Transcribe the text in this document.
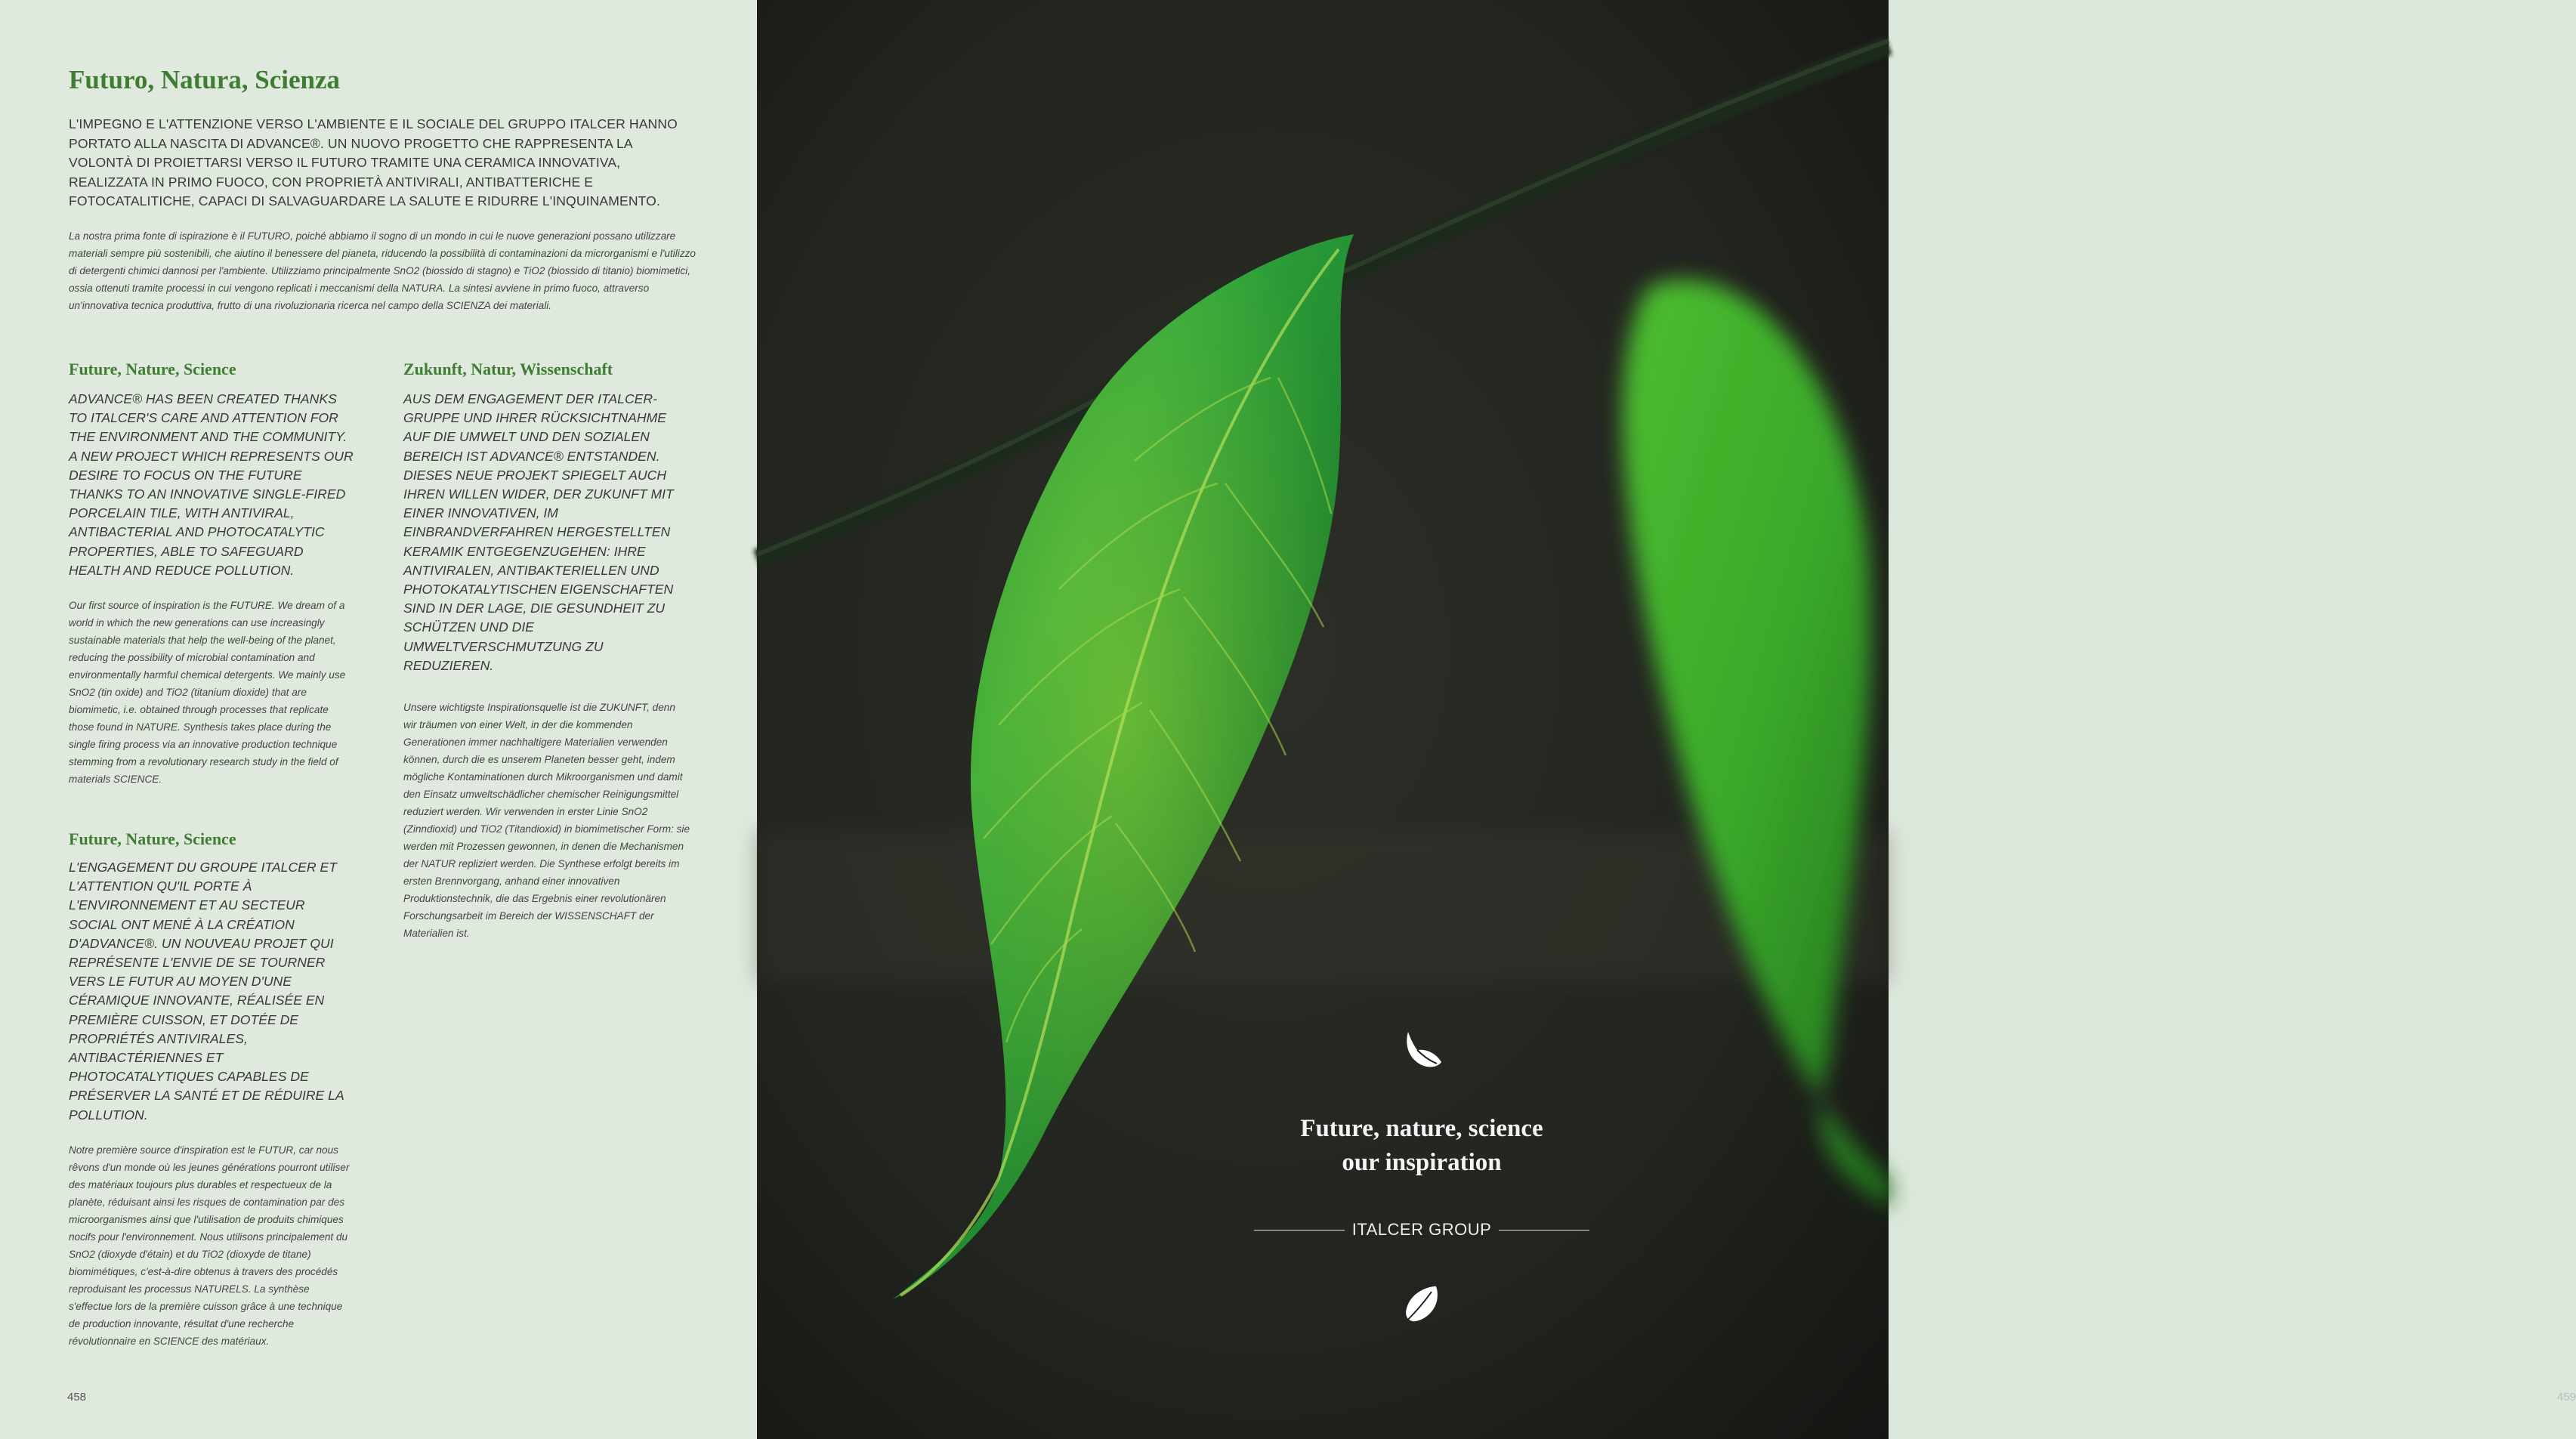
Futuro, Natura, Scienza

L'IMPEGNO E L'ATTENZIONE VERSO L'AMBIENTE E IL SOCIALE DEL GRUPPO ITALCER HANNO PORTATO ALLA NASCITA DI ADVANCE®. UN NUOVO PROGETTO CHE RAPPRESENTA LA VOLONTÀ DI PROIETTARSI VERSO IL FUTURO TRAMITE UNA CERAMICA INNOVATIVA, REALIZZATA IN PRIMO FUOCO, CON PROPRIETÀ ANTIVIRALI, ANTIBATTERICHE E FOTOCATALITICHE, CAPACI DI SALVAGUARDARE LA SALUTE E RIDURRE L'INQUINAMENTO.

La nostra prima fonte di ispirazione è il FUTURO, poiché abbiamo il sogno di un mondo in cui le nuove generazioni possano utilizzare materiali sempre più sostenibili, che aiutino il benessere del pianeta, riducendo la possibilità di contaminazioni da microrganismi e l'utilizzo di detergenti chimici dannosi per l'ambiente. Utilizziamo principalmente SnO2 (biossido di stagno) e TiO2 (biossido di titanio) biomimetici, ossia ottenuti tramite processi in cui vengono replicati i meccanismi della NATURA. La sintesi avviene in primo fuoco, attraverso un'innovativa tecnica produttiva, frutto di una rivoluzionaria ricerca nel campo della SCIENZA dei materiali.

Future, Nature, Science

ADVANCE® HAS BEEN CREATED THANKS TO ITALCER'S CARE AND ATTENTION FOR THE ENVIRONMENT AND THE COMMUNITY. A NEW PROJECT WHICH REPRESENTS OUR DESIRE TO FOCUS ON THE FUTURE THANKS TO AN INNOVATIVE SINGLE-FIRED PORCELAIN TILE, WITH ANTIVIRAL, ANTIBACTERIAL AND PHOTOCATALYTIC PROPERTIES, ABLE TO SAFEGUARD HEALTH AND REDUCE POLLUTION.

Our first source of inspiration is the FUTURE. We dream of a world in which the new generations can use increasingly sustainable materials that help the well-being of the planet, reducing the possibility of microbial contamination and environmentally harmful chemical detergents. We mainly use SnO2 (tin oxide) and TiO2 (titanium dioxide) that are biomimetic, i.e. obtained through processes that replicate those found in NATURE. Synthesis takes place during the single firing process via an innovative production technique stemming from a revolutionary research study in the field of materials SCIENCE.

Future, Nature, Science

L'ENGAGEMENT DU GROUPE ITALCER ET L'ATTENTION QU'IL PORTE À L'ENVIRONNEMENT ET AU SECTEUR SOCIAL ONT MENÉ À LA CRÉATION D'ADVANCE®. UN NOUVEAU PROJET QUI REPRÉSENTE L'ENVIE DE SE TOURNER VERS LE FUTUR AU MOYEN D'UNE CÉRAMIQUE INNOVANTE, RÉALISÉE EN PREMIÈRE CUISSON, ET DOTÉE DE PROPRIÉTÉS ANTIVIRALES, ANTIBACTÉRIENNES ET PHOTOCATALYTIQUES CAPABLES DE PRÉSERVER LA SANTÉ ET DE RÉDUIRE LA POLLUTION.

Notre première source d'inspiration est le FUTUR, car nous rêvons d'un monde où les jeunes générations pourront utiliser des matériaux toujours plus durables et respectueux de la planète, réduisant ainsi les risques de contamination par des microorganismes ainsi que l'utilisation de produits chimiques nocifs pour l'environnement. Nous utilisons principalement du SnO2 (dioxyde d'étain) et du TiO2 (dioxyde de titane) biomimétiques, c'est-à-dire obtenus à travers des procédés reproduisant les processus NATURELS. La synthèse s'effectue lors de la première cuisson grâce à une technique de production innovante, résultat d'une recherche révolutionnaire en SCIENCE des matériaux.

Zukunft, Natur, Wissenschaft

AUS DEM ENGAGEMENT DER ITALCER-GRUPPE UND IHRER RÜCKSICHTNAHME AUF DIE UMWELT UND DEN SOZIALEN BEREICH IST ADVANCE® ENTSTANDEN. DIESES NEUE PROJEKT SPIEGELT AUCH IHREN WILLEN WIDER, DER ZUKUNFT MIT EINER INNOVATIVEN, IM EINBRANDVERFAHREN HERGESTELLTEN KERAMIK ENTGEGENZUGEHEN: IHRE ANTIVIRALEN, ANTIBAKTERIELLEN UND PHOTOKATALYTISCHEN EIGENSCHAFTEN SIND IN DER LAGE, DIE GESUNDHEIT ZU SCHÜTZEN UND DIE UMWELTVERSCHMUTZUNG ZU REDUZIEREN.

Unsere wichtigste Inspirationsquelle ist die ZUKUNFT, denn wir träumen von einer Welt, in der die kommenden Generationen immer nachhaltigere Materialien verwenden können, durch die es unserem Planeten besser geht, indem mögliche Kontaminationen durch Mikroorganismen und damit den Einsatz umweltschädlicher chemischer Reinigungsmittel reduziert werden. Wir verwenden in erster Linie SnO2 (Zinndioxid) und TiO2 (Titandioxid) in biomimetischer Form: sie werden mit Prozessen gewonnen, in denen die Mechanismen der NATUR repliziert werden. Die Synthese erfolgt bereits im ersten Brennvorgang, anhand einer innovativen Produktionstechnik, die das Ergebnis einer revolutionären Forschungsarbeit im Bereich der WISSENSCHAFT der Materialien ist.

458	459

Future, nature, science
our inspiration

ITALCER GROUP
